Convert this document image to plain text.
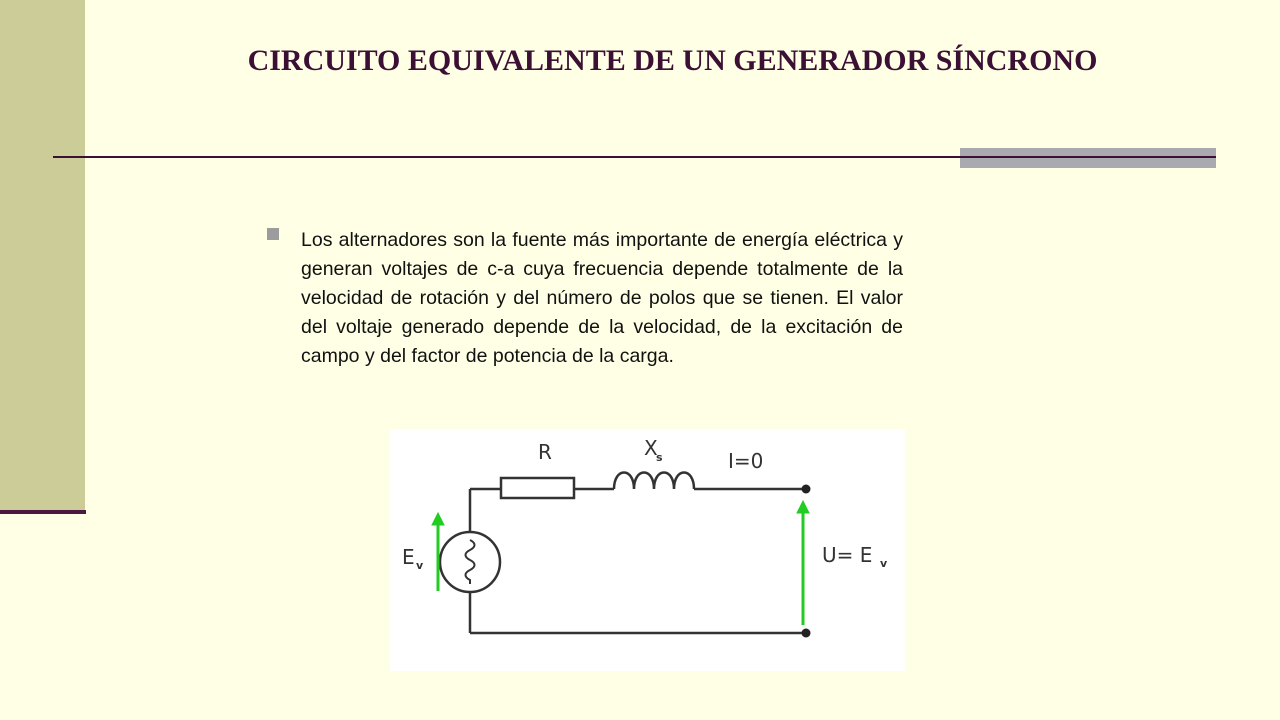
CIRCUITO EQUIVALENTE DE UN GENERADOR SÍNCRONO

Los alternadores son la fuente más importante de energía eléctrica y generan voltajes de c-a cuya frecuencia depende totalmente de la velocidad de rotación y del número de polos que se tienen. El valor del voltaje generado depende de la velocidad, de la excitación de campo y del factor de potencia de la carga.

R	X
s	I=0
E v	U= E v
